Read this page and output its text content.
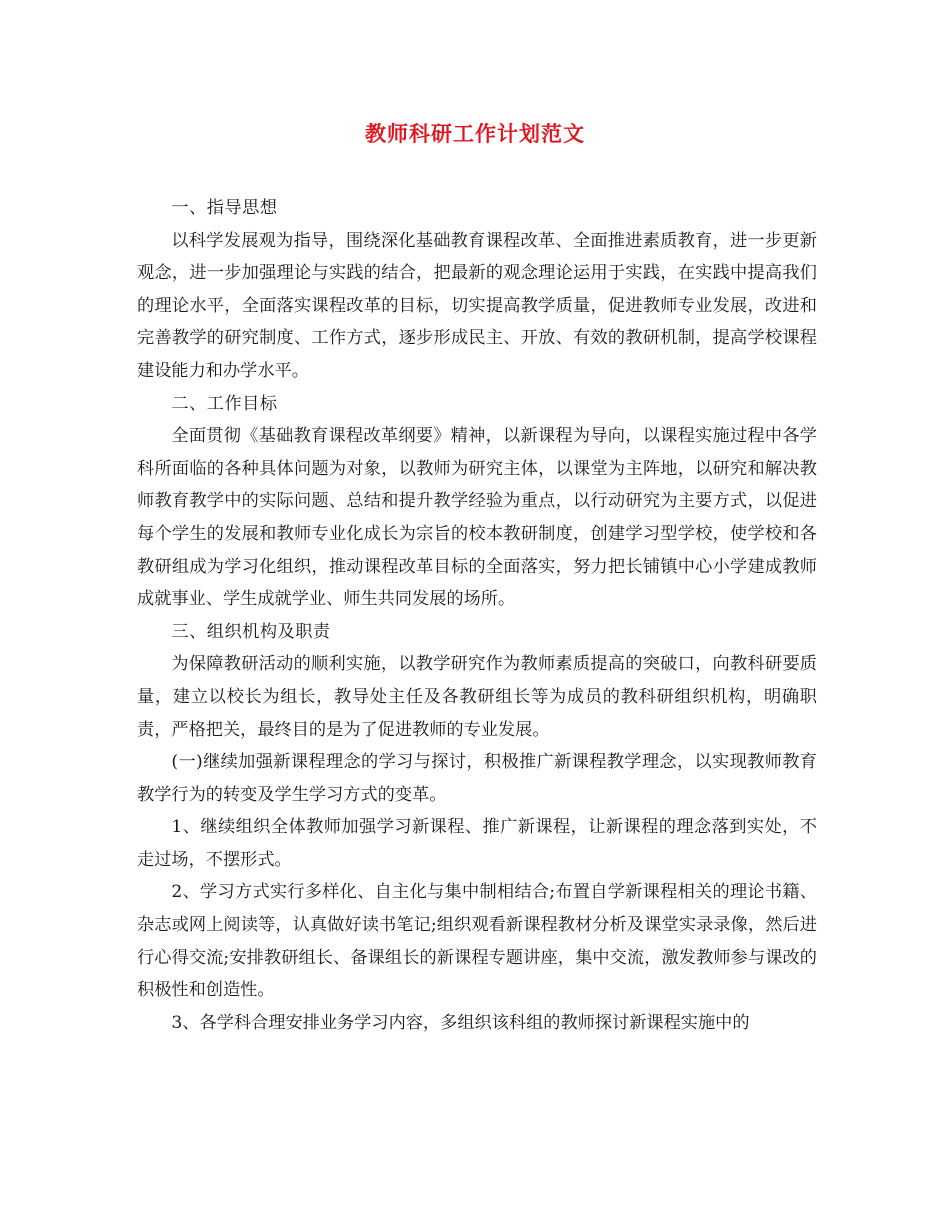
教师科研工作计划范文

一、指导思想

以科学发展观为指导，围绕深化基础教育课程改革、全面推进素质教育，进一步更新观念，进一步加强理论与实践的结合，把最新的观念理论运用于实践，在实践中提高我们的理论水平，全面落实课程改革的目标，切实提高教学质量，促进教师专业发展，改进和完善教学的研究制度、工作方式，逐步形成民主、开放、有效的教研机制，提高学校课程建设能力和办学水平。

二、工作目标

全面贯彻《基础教育课程改革纲要》精神，以新课程为导向，以课程实施过程中各学科所面临的各种具体问题为对象，以教师为研究主体，以课堂为主阵地，以研究和解决教师教育教学中的实际问题、总结和提升教学经验为重点，以行动研究为主要方式，以促进每个学生的发展和教师专业化成长为宗旨的校本教研制度，创建学习型学校，使学校和各教研组成为学习化组织，推动课程改革目标的全面落实，努力把长铺镇中心小学建成教师成就事业、学生成就学业、师生共同发展的场所。

三、组织机构及职责

为保障教研活动的顺利实施，以教学研究作为教师素质提高的突破口，向教科研要质量，建立以校长为组长，教导处主任及各教研组长等为成员的教科研组织机构，明确职责，严格把关，最终目的是为了促进教师的专业发展。

(一)继续加强新课程理念的学习与探讨，积极推广新课程教学理念，以实现教师教育教学行为的转变及学生学习方式的变革。

1、继续组织全体教师加强学习新课程、推广新课程，让新课程的理念落到实处，不走过场，不摆形式。

2、学习方式实行多样化、自主化与集中制相结合;布置自学新课程相关的理论书籍、杂志或网上阅读等，认真做好读书笔记;组织观看新课程教材分析及课堂实录录像，然后进行心得交流;安排教研组长、备课组长的新课程专题讲座，集中交流，激发教师参与课改的积极性和创造性。

3、各学科合理安排业务学习内容，多组织该科组的教师探讨新课程实施中的
